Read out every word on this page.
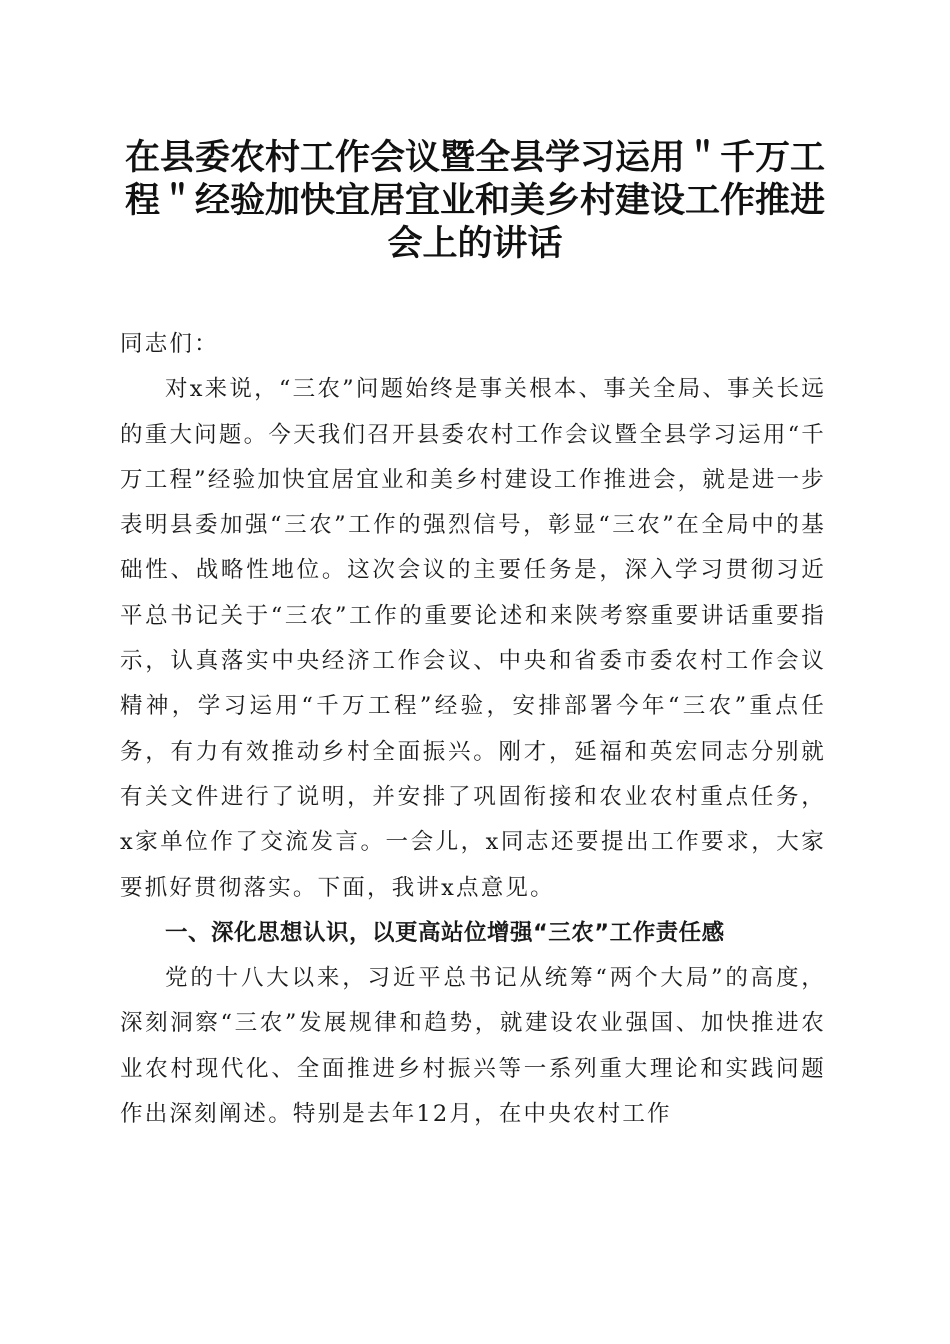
在县委农村工作会议暨全县学习运用＂千万工程＂经验加快宜居宜业和美乡村建设工作推进会上的讲话

同志们：

对x来说，“三农”问题始终是事关根本、事关全局、事关长远的重大问题。今天我们召开县委农村工作会议暨全县学习运用“千万工程”经验加快宜居宜业和美乡村建设工作推进会，就是进一步表明县委加强“三农”工作的强烈信号，彰显“三农”在全局中的基础性、战略性地位。这次会议的主要任务是，深入学习贯彻习近平总书记关于“三农”工作的重要论述和来陕考察重要讲话重要指示，认真落实中央经济工作会议、中央和省委市委农村工作会议精神，学习运用“千万工程”经验，安排部署今年“三农”重点任务，有力有效推动乡村全面振兴。刚才，延福和英宏同志分别就有关文件进行了说明，并安排了巩固衔接和农业农村重点任务，x家单位作了交流发言。一会儿，x同志还要提出工作要求，大家要抓好贯彻落实。下面，我讲x点意见。

一、深化思想认识，以更高站位增强“三农”工作责任感

党的十八大以来，习近平总书记从统筹“两个大局”的高度，深刻洞察“三农”发展规律和趋势，就建设农业强国、加快推进农业农村现代化、全面推进乡村振兴等一系列重大理论和实践问题作出深刻阐述。特别是去年12月，在中央农村工作
